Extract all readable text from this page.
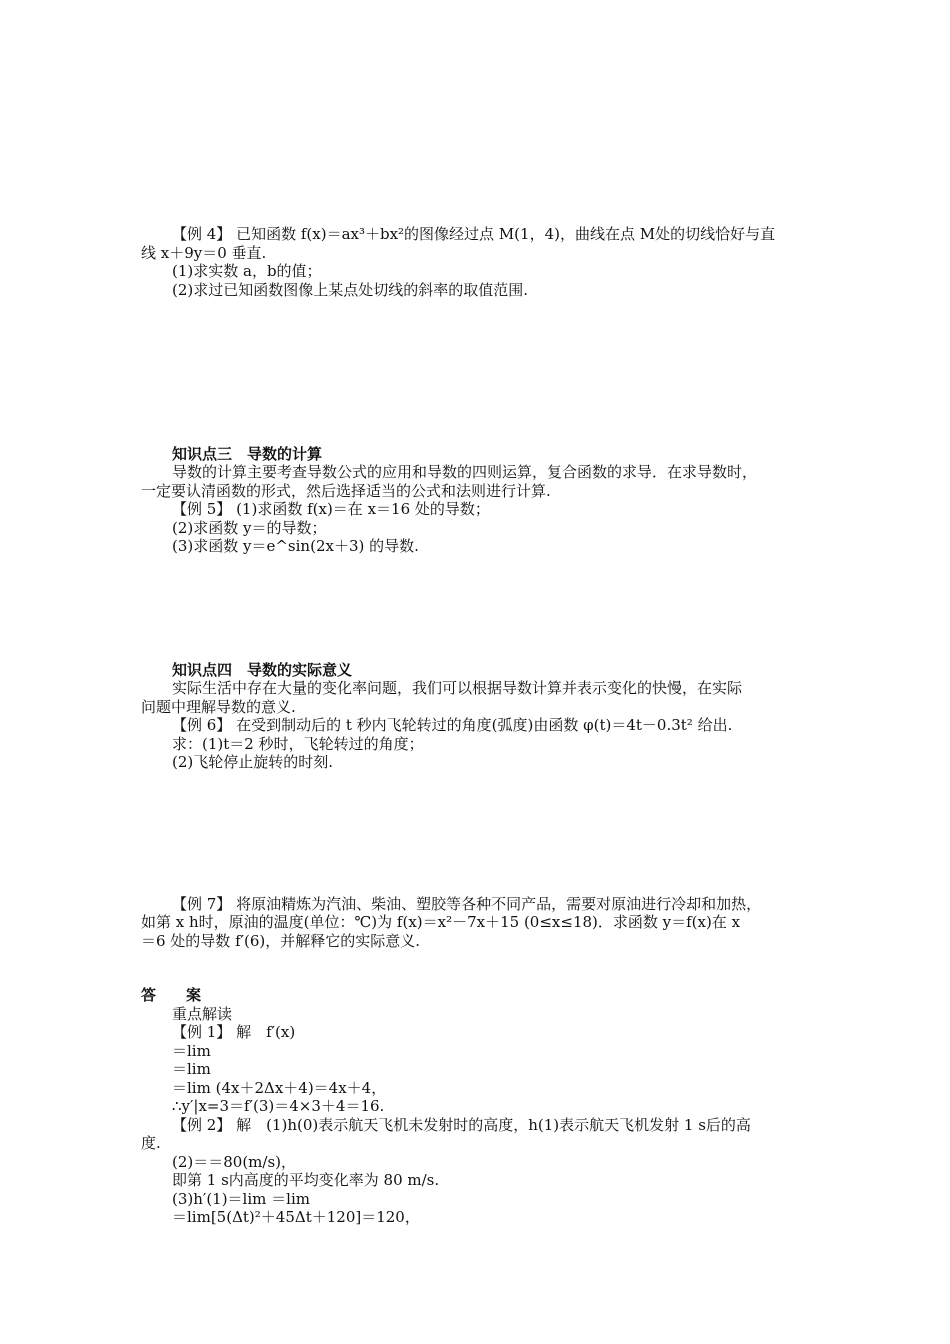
【例 4】 已知函数 f(x)＝ax³＋bx²的图像经过点 M(1，4)，曲线在点 M处的切线恰好与直
线 x＋9y＝0 垂直.
(1)求实数 a，b的值；
(2)求过已知函数图像上某点处切线的斜率的取值范围.
知识点三　导数的计算
导数的计算主要考查导数公式的应用和导数的四则运算，复合函数的求导．在求导数时，
一定要认清函数的形式，然后选择适当的公式和法则进行计算.
【例 5】 (1)求函数 f(x)＝在 x＝16 处的导数；
(2)求函数 y＝的导数；
(3)求函数 y＝e^sin(2x＋3) 的导数.
知识点四　导数的实际意义
实际生活中存在大量的变化率问题，我们可以根据导数计算并表示变化的快慢，在实际
问题中理解导数的意义.
【例 6】 在受到制动后的 t 秒内飞轮转过的角度(弧度)由函数 φ(t)＝4t－0.3t² 给出.
求：(1)t＝2 秒时，飞轮转过的角度；
(2)飞轮停止旋转的时刻.
【例 7】 将原油精炼为汽油、柴油、塑胶等各种不同产品，需要对原油进行冷却和加热，
如第 x h时，原油的温度(单位：℃)为 f(x)＝x²－7x＋15 (0≤x≤18)．求函数 y＝f(x)在 x
＝6 处的导数 f′(6)，并解释它的实际意义.
答　　案
重点解读
【例 1】 解　f′(x)
＝lim
＝lim
＝lim (4x＋2Δx＋4)＝4x＋4，
∴y′|x=3＝f′(3)＝4×3＋4＝16.
【例 2】 解　(1)h(0)表示航天飞机未发射时的高度，h(1)表示航天飞机发射 1 s后的高
度.
(2)＝＝80(m/s)，
即第 1 s内高度的平均变化率为 80 m/s.
(3)h′(1)＝lim ＝lim
＝lim[5(Δt)²＋45Δt＋120]＝120，
